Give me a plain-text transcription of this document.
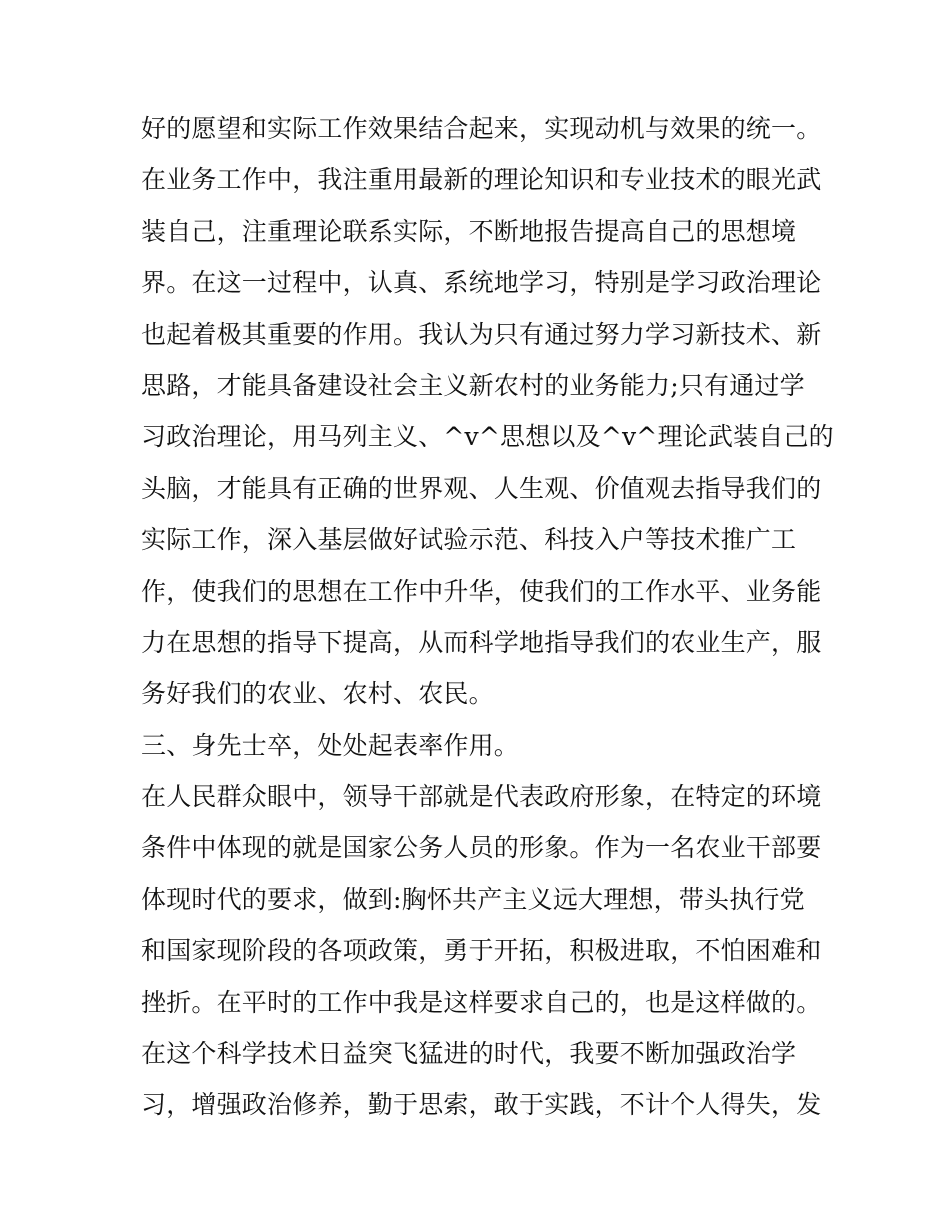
好的愿望和实际工作效果结合起来，实现动机与效果的统一。
在业务工作中，我注重用最新的理论知识和专业技术的眼光武
装自己，注重理论联系实际，不断地报告提高自己的思想境
界。在这一过程中，认真、系统地学习，特别是学习政治理论
也起着极其重要的作用。我认为只有通过努力学习新技术、新
思路，才能具备建设社会主义新农村的业务能力;只有通过学
习政治理论，用马列主义、^v^思想以及^v^理论武装自己的
头脑，才能具有正确的世界观、人生观、价值观去指导我们的
实际工作，深入基层做好试验示范、科技入户等技术推广工
作，使我们的思想在工作中升华，使我们的工作水平、业务能
力在思想的指导下提高，从而科学地指导我们的农业生产，服
务好我们的农业、农村、农民。
三、身先士卒，处处起表率作用。
在人民群众眼中，领导干部就是代表政府形象，在特定的环境
条件中体现的就是国家公务人员的形象。作为一名农业干部要
体现时代的要求，做到:胸怀共产主义远大理想，带头执行党
和国家现阶段的各项政策，勇于开拓，积极进取，不怕困难和
挫折。在平时的工作中我是这样要求自己的，也是这样做的。
在这个科学技术日益突飞猛进的时代，我要不断加强政治学
习，增强政治修养，勤于思索，敢于实践，不计个人得失，发
